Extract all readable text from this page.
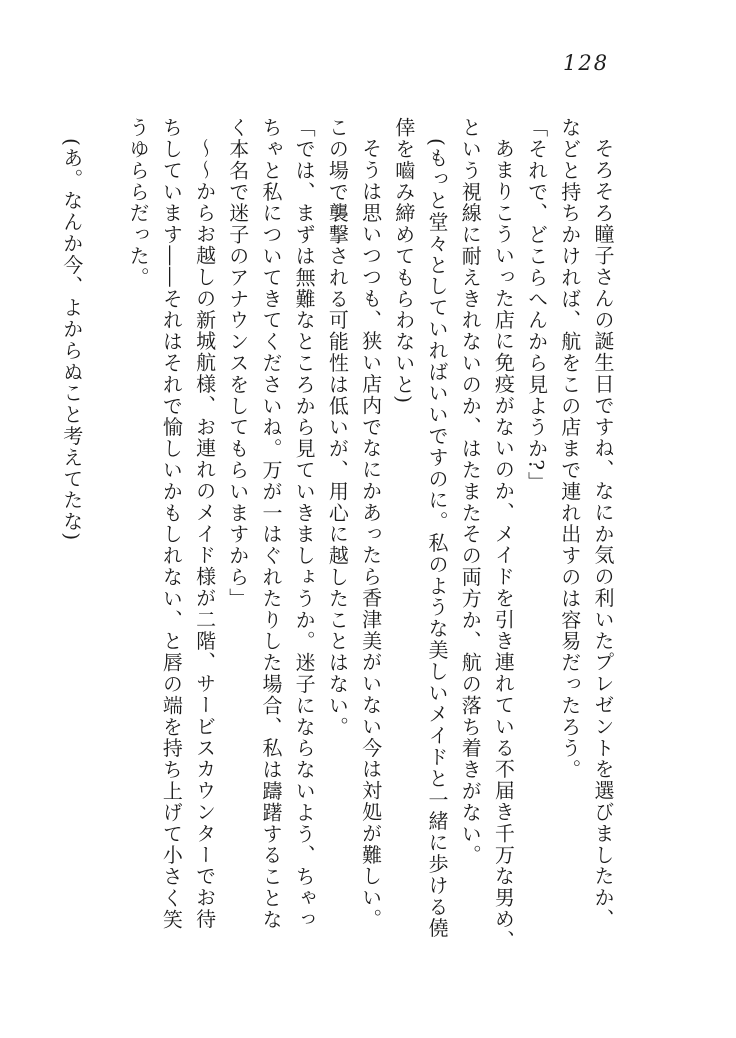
128
そろそろ瞳子さんの誕生日ですね、なにか気の利いたプレゼントを選びましたか、
などと持ちかければ、航をこの店まで連れ出すのは容易だったろう。
「それで、どこらへんから見ようか?」
あまりこういった店に免疫がないのか、メイドを引き連れている不届き千万な男め、
という視線に耐えきれないのか、はたまたその両方か、航の落ち着きがない。
(もっと堂々としていればいいですのに。私のような美しいメイドと一緒に歩ける僥
倖を嚙み締めてもらわないと)
そうは思いつつも、狭い店内でなにかあったら香津美がいない今は対処が難しい。
この場で襲撃される可能性は低いが、用心に越したことはない。
「では、まずは無難なところから見ていきましょうか。迷子にならないよう、ちゃっ
ちゃと私についてきてくださいね。万が一はぐれたりした場合、私は躊躇することな
く本名で迷子のアナウンスをしてもらいますから」
〜〜からお越しの新城航様、お連れのメイド様が二階、サービスカウンターでお待
ちしています――それはそれで愉しいかもしれない、と唇の端を持ち上げて小さく笑
うゆららだった。
(あ。なんか今、よからぬこと考えてたな)
